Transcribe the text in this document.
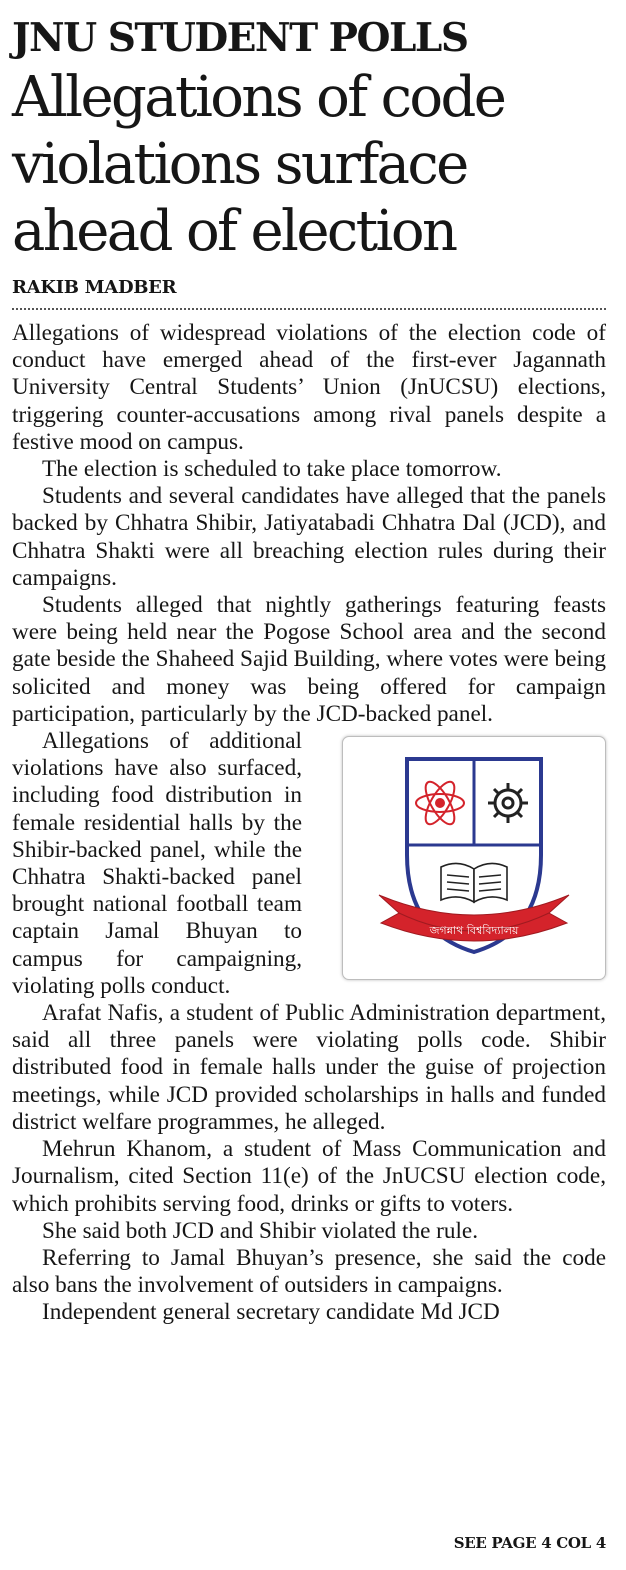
JNU STUDENT POLLS
Allegations of code violations surface ahead of election
RAKIB MADBER

Allegations of widespread violations of the election code of conduct have emerged ahead of the first-ever Jagannath University Central Students’ Union (JnUCSU) elections, triggering counter-accusations among rival panels despite a festive mood on campus.

The election is scheduled to take place tomorrow.

Students and several candidates have alleged that the panels backed by Chhatra Shibir, Jatiyatabadi Chhatra Dal (JCD), and Chhatra Shakti were all breaching election rules during their campaigns.

Students alleged that nightly gatherings featuring feasts were being held near the Pogose School area and the second gate beside the Shaheed Sajid Building, where votes were being solicited and money was being offered for campaign participation, particularly by the JCD-backed panel.

জগন্নাথ বিশ্ববিদ্যালয়

Allegations of additional violations have also surfaced, including food distribution in female residential halls by the Shibir-backed panel, while the Chhatra Shakti-backed panel brought national football team captain Jamal Bhuyan to campus for campaigning, violating polls conduct.

Arafat Nafis, a student of Public Administration department, said all three panels were violating polls code. Shibir distributed food in female halls under the guise of projection meetings, while JCD provided scholarships in halls and funded district welfare programmes, he alleged.

Mehrun Khanom, a student of Mass Communication and Journalism, cited Section 11(e) of the JnUCSU election code, which prohibits serving food, drinks or gifts to voters.

She said both JCD and Shibir violated the rule.

Referring to Jamal Bhuyan’s presence, she said the code also bans the involvement of outsiders in campaigns.

Independent general secretary candidate Md JCD

SEE PAGE 4 COL 4
